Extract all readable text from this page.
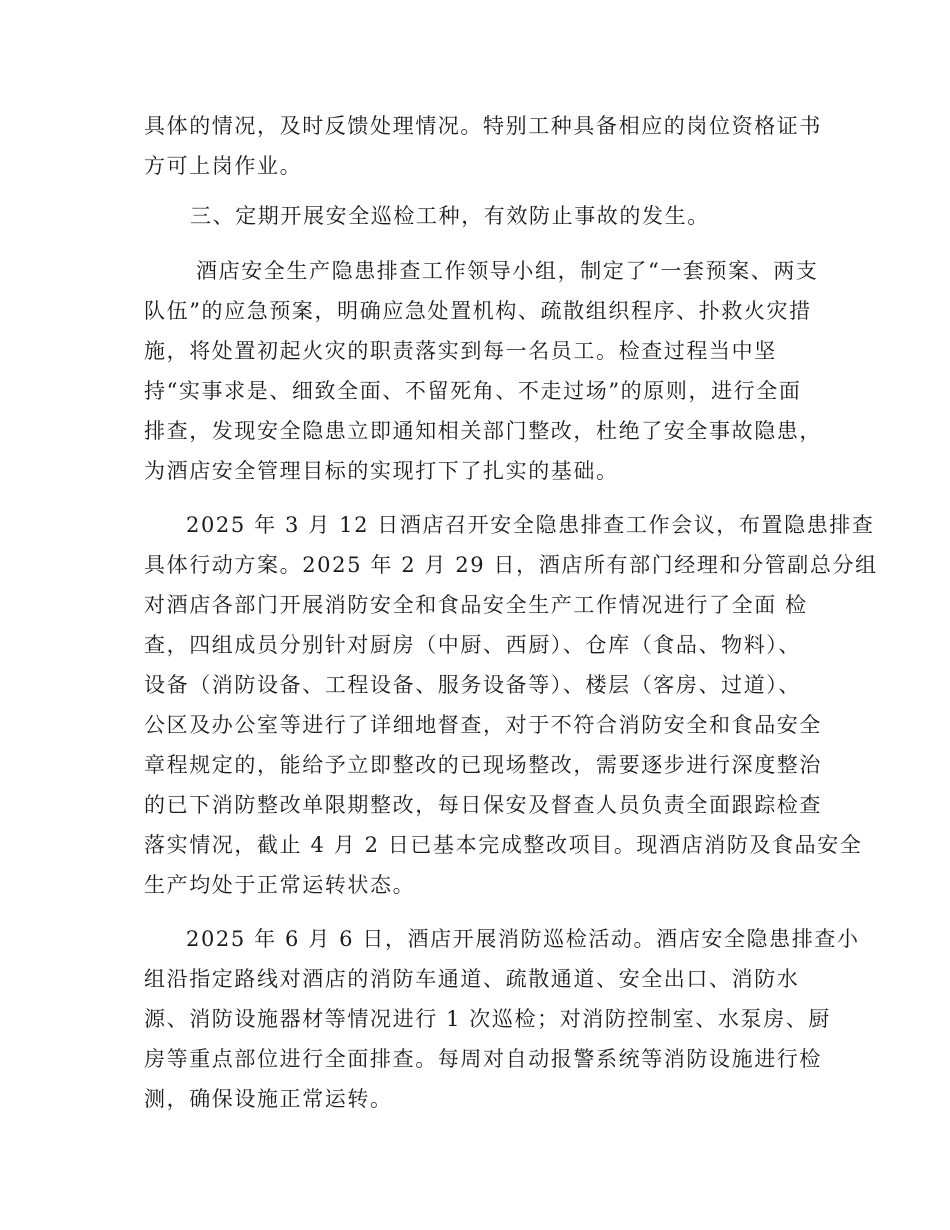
具体的情况，及时反馈处理情况。特别工种具备相应的岗位资格证书
方可上岗作业。
三、定期开展安全巡检工种，有效防止事故的发生。
酒店安全生产隐患排查工作领导小组，制定了“一套预案、两支
队伍”的应急预案，明确应急处置机构、疏散组织程序、扑救火灾措
施，将处置初起火灾的职责落实到每一名员工。检查过程当中坚
持“实事求是、细致全面、不留死角、不走过场”的原则，进行全面
排查，发现安全隐患立即通知相关部门整改，杜绝了安全事故隐患，
为酒店安全管理目标的实现打下了扎实的基础。
2025 年 3 月 12 日酒店召开安全隐患排查工作会议，布置隐患排查
具体行动方案。2025 年 2 月 29 日，酒店所有部门经理和分管副总分组
对酒店各部门开展消防安全和食品安全生产工作情况进行了全面 检
查，四组成员分别针对厨房（中厨、西厨）、仓库（食品、物料）、
设备（消防设备、工程设备、服务设备等）、楼层（客房、过道）、
公区及办公室等进行了详细地督查，对于不符合消防安全和食品安全
章程规定的，能给予立即整改的已现场整改，需要逐步进行深度整治
的已下消防整改单限期整改，每日保安及督查人员负责全面跟踪检查
落实情况，截止 4 月 2 日已基本完成整改项目。现酒店消防及食品安全
生产均处于正常运转状态。
2025 年 6 月 6 日，酒店开展消防巡检活动。酒店安全隐患排查小
组沿指定路线对酒店的消防车通道、疏散通道、安全出口、消防水
源、消防设施器材等情况进行 1 次巡检；对消防控制室、水泵房、厨
房等重点部位进行全面排查。每周对自动报警系统等消防设施进行检
测，确保设施正常运转。
